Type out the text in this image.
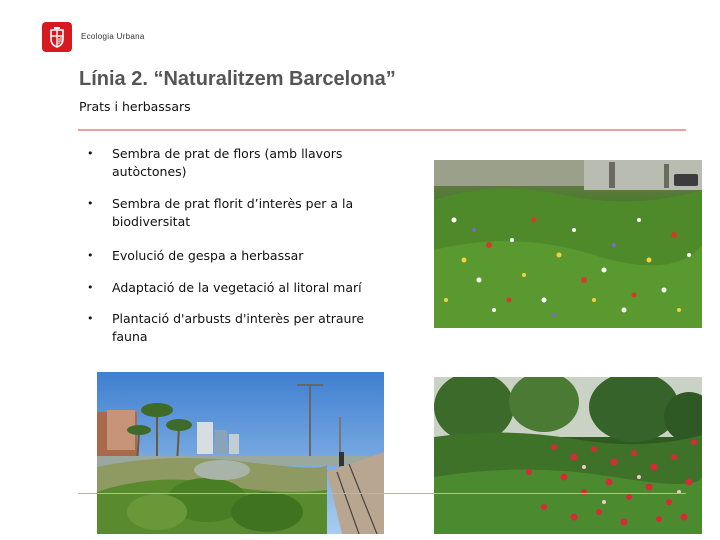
Ecologia Urbana
Línia 2. “Naturalitzem Barcelona”
Prats i herbassars
• Sembra de prat de flors (amb llavors autòctones)
• Sembra de prat florit d’interès per a la biodiversitat
• Evolució de gespa a herbassar
• Adaptació de la vegetació al litoral marí
• Plantació d'arbusts d'interès per atraure fauna
